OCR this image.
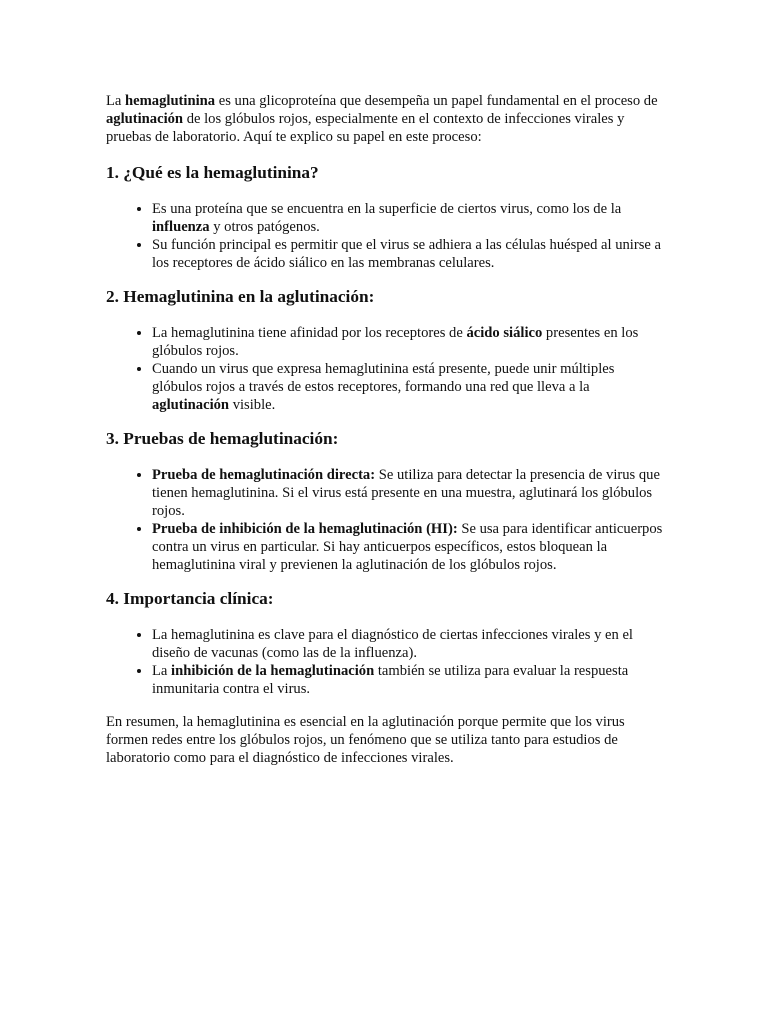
La hemaglutinina es una glicoproteína que desempeña un papel fundamental en el proceso de aglutinación de los glóbulos rojos, especialmente en el contexto de infecciones virales y pruebas de laboratorio. Aquí te explico su papel en este proceso:

1. ¿Qué es la hemaglutinina?
• Es una proteína que se encuentra en la superficie de ciertos virus, como los de la influenza y otros patógenos.
• Su función principal es permitir que el virus se adhiera a las células huésped al unirse a los receptores de ácido siálico en las membranas celulares.
2. Hemaglutinina en la aglutinación:
• La hemaglutinina tiene afinidad por los receptores de ácido siálico presentes en los glóbulos rojos.
• Cuando un virus que expresa hemaglutinina está presente, puede unir múltiples glóbulos rojos a través de estos receptores, formando una red que lleva a la aglutinación visible.
3. Pruebas de hemaglutinación:
• Prueba de hemaglutinación directa: Se utiliza para detectar la presencia de virus que tienen hemaglutinina. Si el virus está presente en una muestra, aglutinará los glóbulos rojos.
• Prueba de inhibición de la hemaglutinación (HI): Se usa para identificar anticuerpos contra un virus en particular. Si hay anticuerpos específicos, estos bloquean la hemaglutinina viral y previenen la aglutinación de los glóbulos rojos.
4. Importancia clínica:
• La hemaglutinina es clave para el diagnóstico de ciertas infecciones virales y en el diseño de vacunas (como las de la influenza).
• La inhibición de la hemaglutinación también se utiliza para evaluar la respuesta inmunitaria contra el virus.

En resumen, la hemaglutinina es esencial en la aglutinación porque permite que los virus formen redes entre los glóbulos rojos, un fenómeno que se utiliza tanto para estudios de laboratorio como para el diagnóstico de infecciones virales.
